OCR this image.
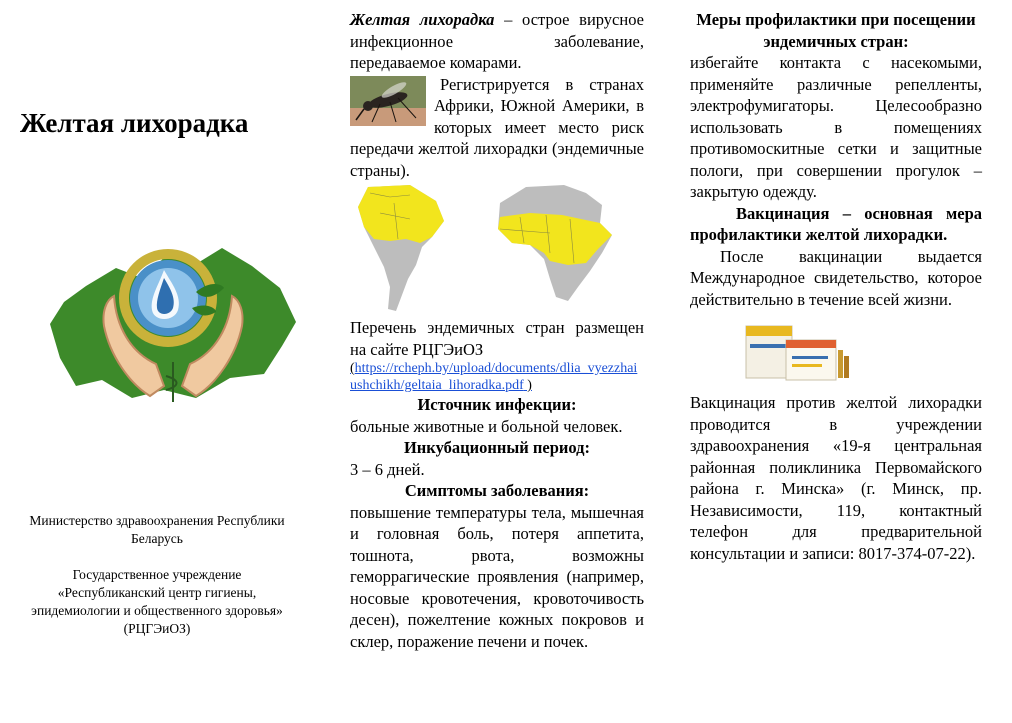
Желтая лихорадка

Министерство здравоохранения Республики Беларусь

Государственное учреждение «Республиканский центр гигиены, эпидемиологии и общественного здоровья» (РЦГЭиОЗ)

Желтая лихорадка – острое вирусное инфекционное заболевание, передаваемое комарами.

Регистрируется в странах Африки, Южной Америки, в которых имеет место риск передачи желтой лихорадки (эндемичные страны).

Перечень эндемичных стран размещен на сайте РЦГЭиОЗ

(https://rcheph.by/upload/documents/dlia_vyezzhaiushchikh/geltaia_lihoradka.pdf )

Источник инфекции:

больные животные и больной человек.

Инкубационный период:

3 – 6 дней.

Симптомы заболевания:

повышение температуры тела, мышечная и головная боль, потеря аппетита, тошнота, рвота, возможны геморрагические проявления (например, носовые кровотечения, кровоточивость десен), пожелтение кожных покровов и склер, поражение печени и почек.

Меры профилактики при посещении эндемичных стран:

избегайте контакта с насекомыми, применяйте различные репелленты, электрофумигаторы. Целесообразно использовать в помещениях противомоскитные сетки и защитные пологи, при совершении прогулок – закрытую одежду.

Вакцинация – основная мера профилактики желтой лихорадки.

После вакцинации выдается Международное свидетельство, которое действительно в течение всей жизни.

Вакцинация против желтой лихорадки проводится в учреждении здравоохранения «19-я центральная районная поликлиника Первомайского района г. Минска» (г. Минск, пр. Независимости, 119, контактный телефон для предварительной консультации и записи: 8017-374-07-22).
